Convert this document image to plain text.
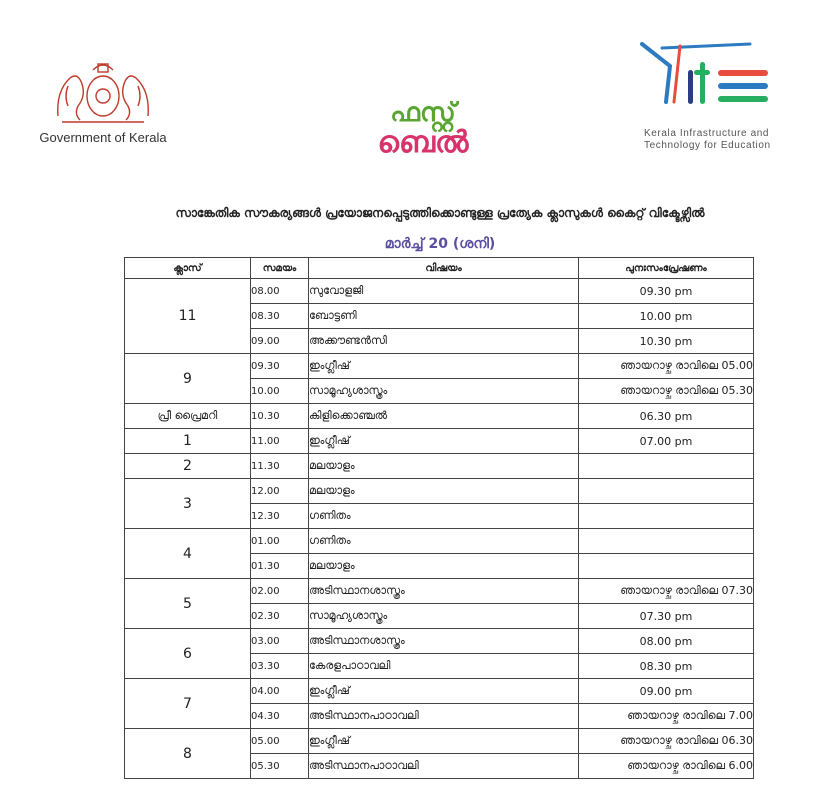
Government of Kerala	Kerala Infrastructure and
Technology for Education
ഫസ്റ്റ്
ബെൽ
സാങ്കേതിക സൗകര്യങ്ങൾ പ്രയോജനപ്പെടുത്തിക്കൊണ്ടുള്ള പ്രത്യേക ക്ലാസുകൾ കൈറ്റ് വിക്ടേഴ്സിൽ
മാർച്ച് 20 (ശനി)
ക്ലാസ്	സമയം	വിഷയം	പുനഃസംപ്രേഷണം
11	08.00	സുവോളജി	09.30 pm
	08.30	ബോട്ടണി	10.00 pm
	09.00	അക്കൗണ്ടൻസി	10.30 pm
9	09.30	ഇംഗ്ലീഷ്	ഞായറാഴ്ച രാവിലെ 05.00
	10.00	സാമൂഹ്യശാസ്ത്രം	ഞായറാഴ്ച രാവിലെ 05.30
പ്രീ പ്രൈമറി	10.30	കിളിക്കൊഞ്ചൽ	06.30 pm
1	11.00	ഇംഗ്ലീഷ്	07.00 pm
2	11.30	മലയാളം	
3	12.00	മലയാളം	
	12.30	ഗണിതം	
4	01.00	ഗണിതം	
	01.30	മലയാളം	
5	02.00	അടിസ്ഥാനശാസ്ത്രം	ഞായറാഴ്ച രാവിലെ 07.30
	02.30	സാമൂഹ്യശാസ്ത്രം	07.30 pm
6	03.00	അടിസ്ഥാനശാസ്ത്രം	08.00 pm
	03.30	കേരളപാഠാവലി	08.30 pm
7	04.00	ഇംഗ്ലീഷ്	09.00 pm
	04.30	അടിസ്ഥാനപാഠാവലി	ഞായറാഴ്ച രാവിലെ 7.00
8	05.00	ഇംഗ്ലീഷ്	ഞായറാഴ്ച രാവിലെ 06.30
	05.30	അടിസ്ഥാനപാഠാവലി	ഞായറാഴ്ച രാവിലെ 6.00
